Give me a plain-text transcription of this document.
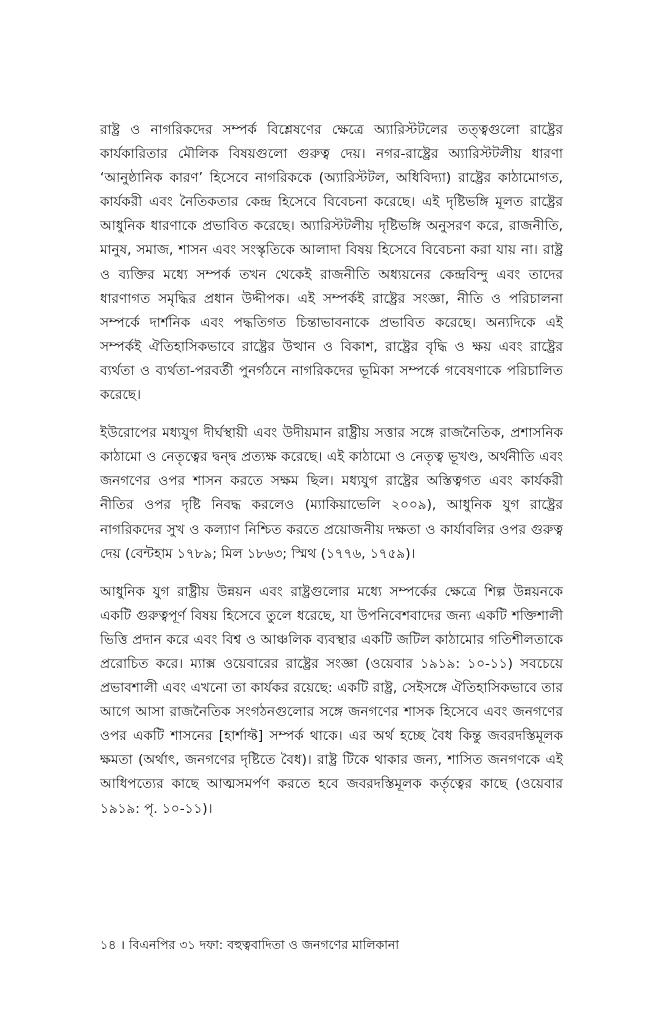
রাষ্ট্র ও নাগরিকদের সম্পর্ক বিশ্লেষণের ক্ষেত্রে অ্যারিস্টটলের তত্ত্বগুলো রাষ্ট্রের কার্যকারিতার মৌলিক বিষয়গুলো গুরুত্ব দেয়। নগর-রাষ্ট্রের অ্যারিস্টটলীয় ধারণা ‘আনুষ্ঠানিক কারণ’ হিসেবে নাগরিককে (অ্যারিস্টটল, অধিবিদ্যা) রাষ্ট্রের কাঠামোগত, কার্যকরী এবং নৈতিকতার কেন্দ্র হিসেবে বিবেচনা করেছে। এই দৃষ্টিভঙ্গি মূলত রাষ্ট্রের আধুনিক ধারণাকে প্রভাবিত করেছে। অ্যারিস্টটলীয় দৃষ্টিভঙ্গি অনুসরণ করে, রাজনীতি, মানুষ, সমাজ, শাসন এবং সংস্কৃতিকে আলাদা বিষয় হিসেবে বিবেচনা করা যায় না। রাষ্ট্র ও ব্যক্তির মধ্যে সম্পর্ক তখন থেকেই রাজনীতি অধ্যয়নের কেন্দ্রবিন্দু এবং তাদের ধারণাগত সমৃদ্ধির প্রধান উদ্দীপক। এই সম্পর্কই রাষ্ট্রের সংজ্ঞা, নীতি ও পরিচালনা সম্পর্কে দার্শনিক এবং পদ্ধতিগত চিন্তাভাবনাকে প্রভাবিত করেছে। অন্যদিকে এই সম্পর্কই ঐতিহাসিকভাবে রাষ্ট্রের উত্থান ও বিকাশ, রাষ্ট্রের বৃদ্ধি ও ক্ষয় এবং রাষ্ট্রের ব্যর্থতা ও ব্যর্থতা-পরবর্তী পুনর্গঠনে নাগরিকদের ভূমিকা সম্পর্কে গবেষণাকে পরিচালিত করেছে।

ইউরোপের মধ্যযুগ দীর্ঘস্থায়ী এবং উদীয়মান রাষ্ট্রীয় সত্তার সঙ্গে রাজনৈতিক, প্রশাসনিক কাঠামো ও নেতৃত্বের দ্বন্দ্ব প্রত্যক্ষ করেছে। এই কাঠামো ও নেতৃত্ব ভূখণ্ড, অর্থনীতি এবং জনগণের ওপর শাসন করতে সক্ষম ছিল। মধ্যযুগ রাষ্ট্রের অস্তিত্বগত এবং কার্যকরী নীতির ওপর দৃষ্টি নিবদ্ধ করলেও (ম্যাকিয়াভেলি ২০০৯), আধুনিক যুগ রাষ্ট্রের নাগরিকদের সুখ ও কল্যাণ নিশ্চিত করতে প্রয়োজনীয় দক্ষতা ও কার্যাবলির ওপর গুরুত্ব দেয় (বেন্টহাম ১৭৮৯; মিল ১৮৬৩; স্মিথ (১৭৭৬, ১৭৫৯)।

আধুনিক যুগ রাষ্ট্রীয় উন্নয়ন এবং রাষ্ট্রগুলোর মধ্যে সম্পর্কের ক্ষেত্রে শিল্প উন্নয়নকে একটি গুরুত্বপূর্ণ বিষয় হিসেবে তুলে ধরেছে, যা উপনিবেশবাদের জন্য একটি শক্তিশালী ভিত্তি প্রদান করে এবং বিশ্ব ও আঞ্চলিক ব্যবস্থার একটি জটিল কাঠামোর গতিশীলতাকে প্ররোচিত করে। ম্যাক্স ওয়েবারের রাষ্ট্রের সংজ্ঞা (ওয়েবার ১৯১৯: ১০-১১) সবচেয়ে প্রভাবশালী এবং এখনো তা কার্যকর রয়েছে: একটি রাষ্ট্র, সেইসঙ্গে ঐতিহাসিকভাবে তার আগে আসা রাজনৈতিক সংগঠনগুলোর সঙ্গে জনগণের শাসক হিসেবে এবং জনগণের ওপর একটি শাসনের [হার্শাফ্ট] সম্পর্ক থাকে। এর অর্থ হচ্ছে বৈধ কিন্তু জবরদস্তিমূলক ক্ষমতা (অর্থাৎ, জনগণের দৃষ্টিতে বৈধ)। রাষ্ট্র টিকে থাকার জন্য, শাসিত জনগণকে এই আধিপত্যের কাছে আত্মসমর্পণ করতে হবে জবরদস্তিমূলক কর্তৃত্বের কাছে (ওয়েবার ১৯১৯: পৃ. ১০-১১)।

১৪ । বিএনপির ৩১ দফা: বহুত্ববাদিতা ও জনগণের মালিকানা
